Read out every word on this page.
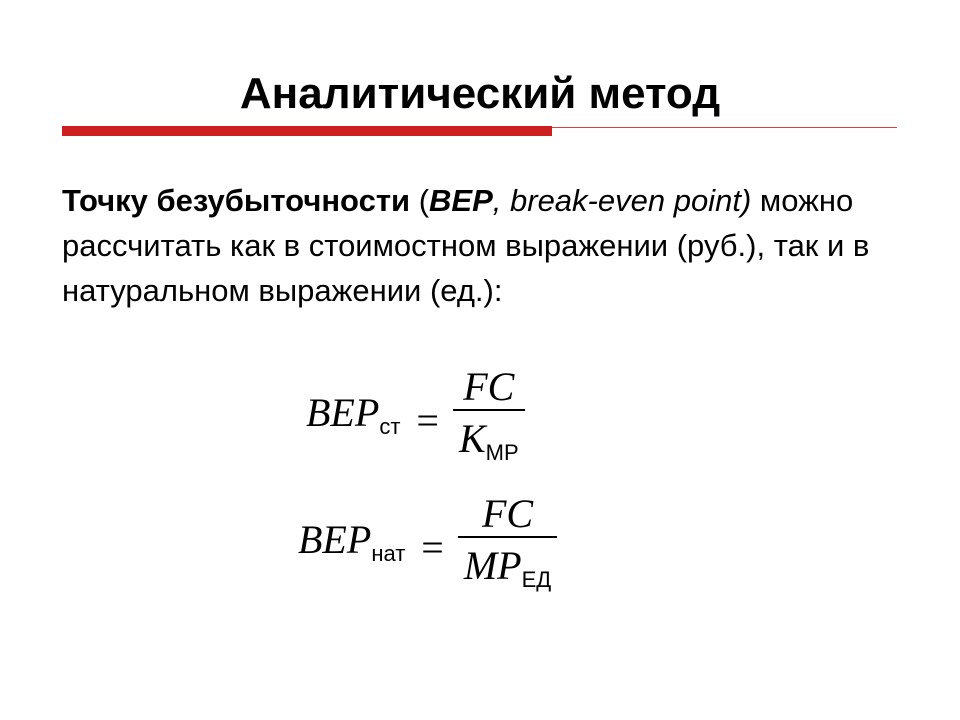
Аналитический метод

Точку безубыточности (BEP, break-even point) можно рассчитать как в стоимостном выражении (руб.), так и в натуральном выражении (ед.):

$BEP_{ст} = \frac{FC}{K_{MP}}$
$BEP_{нат} = \frac{FC}{MP_{ЕД}}$
